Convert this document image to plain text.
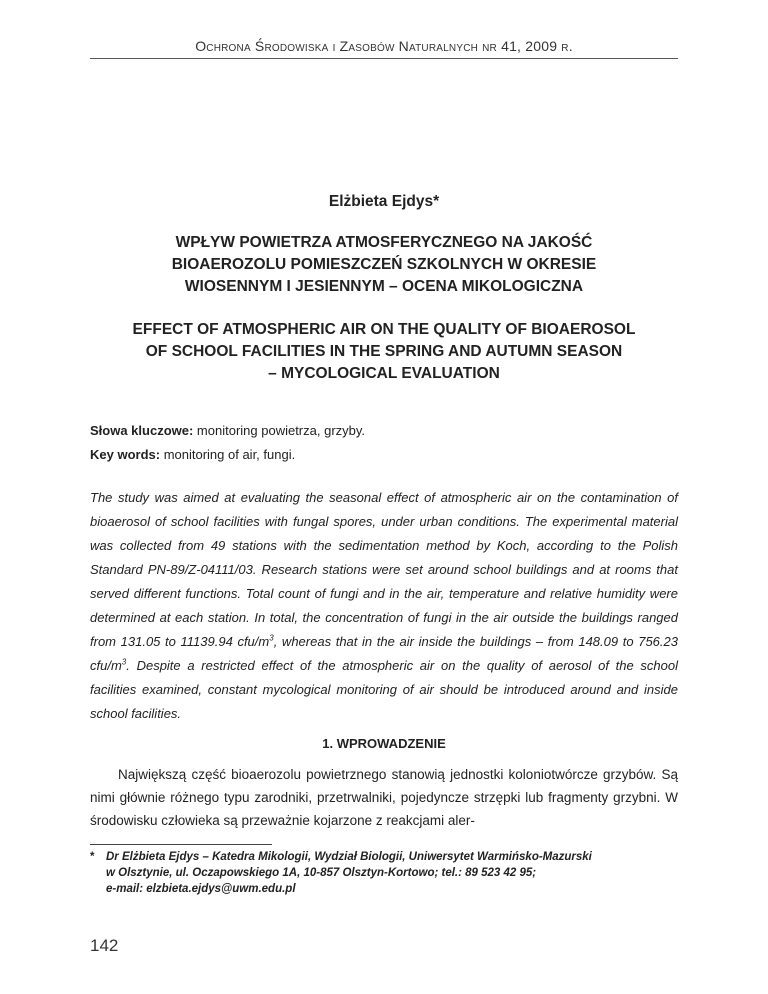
Ochrona Środowiska i Zasobów Naturalnych nr 41, 2009 r.
Elżbieta Ejdys*
WPŁYW POWIETRZA ATMOSFERYCZNEGO NA JAKOŚĆ
BIOAEROZOLU POMIESZCZEŃ SZKOLNYCH W OKRESIE
WIOSENNYM I JESIENNYM – OCENA MIKOLOGICZNA
EFFECT OF ATMOSPHERIC AIR ON THE QUALITY OF BIOAEROSOL
OF SCHOOL FACILITIES IN THE SPRING AND AUTUMN SEASON
– MYCOLOGICAL EVALUATION
Słowa kluczowe: monitoring powietrza, grzyby.
Key words: monitoring of air, fungi.
The study was aimed at evaluating the seasonal effect of atmospheric air on the contamination of bioaerosol of school facilities with fungal spores, under urban conditions. The experimental material was collected from 49 stations with the sedimentation method by Koch, according to the Polish Standard PN-89/Z-04111/03. Research stations were set around school buildings and at rooms that served different functions. Total count of fungi and in the air, temperature and relative humidity were determined at each station. In total, the concentration of fungi in the air outside the buildings ranged from 131.05 to 11139.94 cfu/$m^3$, whereas that in the air inside the buildings – from 148.09 to 756.23 cfu/$m^3$. Despite a restricted effect of the atmospheric air on the quality of aerosol of the school facilities examined, constant mycological monitoring of air should be introduced around and inside school facilities.
1. WPROWADZENIE
Największą część bioaerozolu powietrznego stanowią jednostki koloniotwórcze grzybów. Są nimi głównie różnego typu zarodniki, przetrwalniki, pojedyncze strzępki lub fragmenty grzybni. W środowisku człowieka są przeważnie kojarzone z reakcjami aler-
* Dr Elżbieta Ejdys – Katedra Mikologii, Wydział Biologii, Uniwersytet Warmińsko-Mazurski
w Olsztynie, ul. Oczapowskiego 1A, 10-857 Olsztyn-Kortowo; tel.: 89 523 42 95;
e-mail: elzbieta.ejdys@uwm.edu.pl
142
